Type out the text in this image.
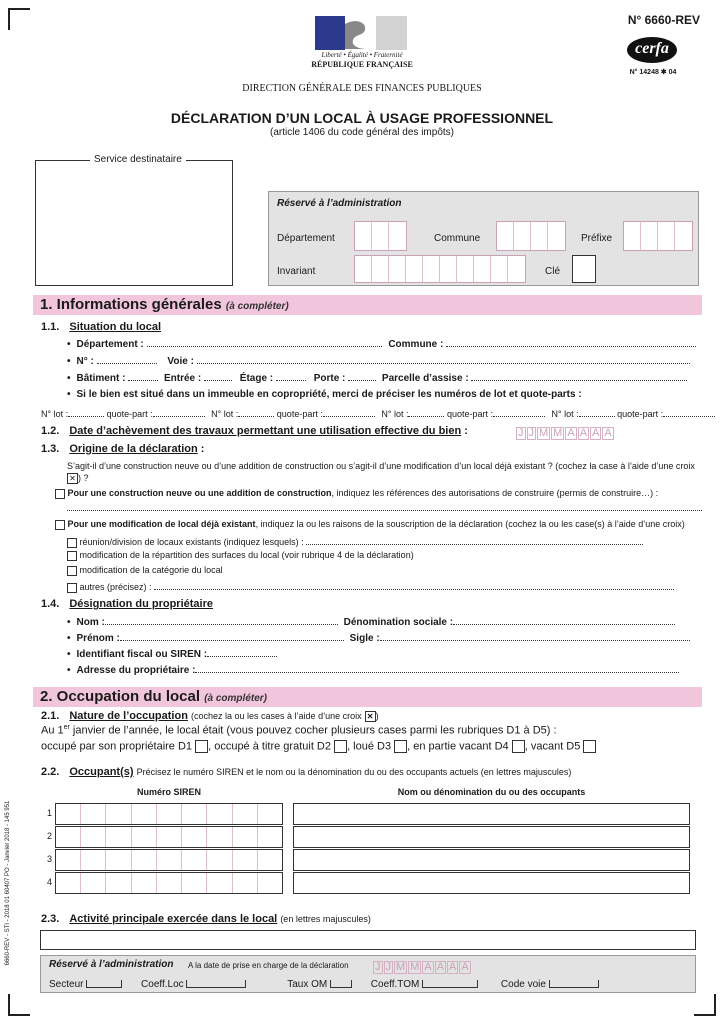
Liberté • Égalité • Fraternité
RÉPUBLIQUE FRANÇAISE
N° 6660-REV
cerfa
N° 14248 ✱ 04
DIRECTION GÉNÉRALE DES FINANCES PUBLIQUES
DÉCLARATION D’UN LOCAL À USAGE PROFESSIONNEL
(article 1406 du code général des impôts)
Service destinataire
Réservé à l’administration
Département	Commune	Préfixe
Invariant	Clé
1. Informations générales (à compléter)
1.1. Situation du local
• Département :	Commune :
• N° :	Voie :
• Bâtiment :	Entrée :	Étage :	Porte :	Parcelle d’assise :
• Si le bien est situé dans un immeuble en copropriété, merci de préciser les numéros de lot et quote-parts :
N° lot :	quote-part :	N° lot :	quote-part :	N° lot :	quote-part :	N° lot :	quote-part :
1.2. Date d’achèvement des travaux permettant une utilisation effective du bien :	J J M M A A A A
1.3. Origine de la déclaration :
S’agit-il d’une construction neuve ou d’une addition de construction ou s’agit-il d’une modification d’un local déjà existant ? (cochez la case à l’aide d’une croix ✕ ) ?
Pour une construction neuve ou une addition de construction, indiquez les références des autorisations de construire (permis de construire…) :
Pour une modification de local déjà existant, indiquez la ou les raisons de la souscription de la déclaration (cochez la ou les case(s) à l’aide d’une croix)
réunion/division de locaux existants (indiquez lesquels) :
modification de la répartition des surfaces du local (voir rubrique 4 de la déclaration)
modification de la catégorie du local
autres (précisez) :
1.4. Désignation du propriétaire
• Nom :	Dénomination sociale :
• Prénom :	Sigle :
• Identifiant fiscal ou SIREN :
• Adresse du propriétaire :
2. Occupation du local (à compléter)
2.1. Nature de l’occupation (cochez la ou les cases à l’aide d’une croix ✕ )
Au 1er janvier de l’année, le local était (vous pouvez cocher plusieurs cases parmi les rubriques D1 à D5) :
occupé par son propriétaire D1 , occupé à titre gratuit D2 , loué D3 , en partie vacant D4 , vacant D5
2.2. Occupant(s) Précisez le numéro SIREN et le nom ou la dénomination du ou des occupants actuels (en lettres majuscules)
Numéro SIREN	Nom ou dénomination du ou des occupants
1
2
3
4
2.3. Activité principale exercée dans le local (en lettres majuscules)
Réservé à l’administration A la date de prise en charge de la déclaration J J M M A A A A
Secteur	Coeff.Loc	Taux OM	Coeff.TOM	Code voie
6660-REV - STI - 2018 01 60407 PO - Janvier 2018 - 145 951
